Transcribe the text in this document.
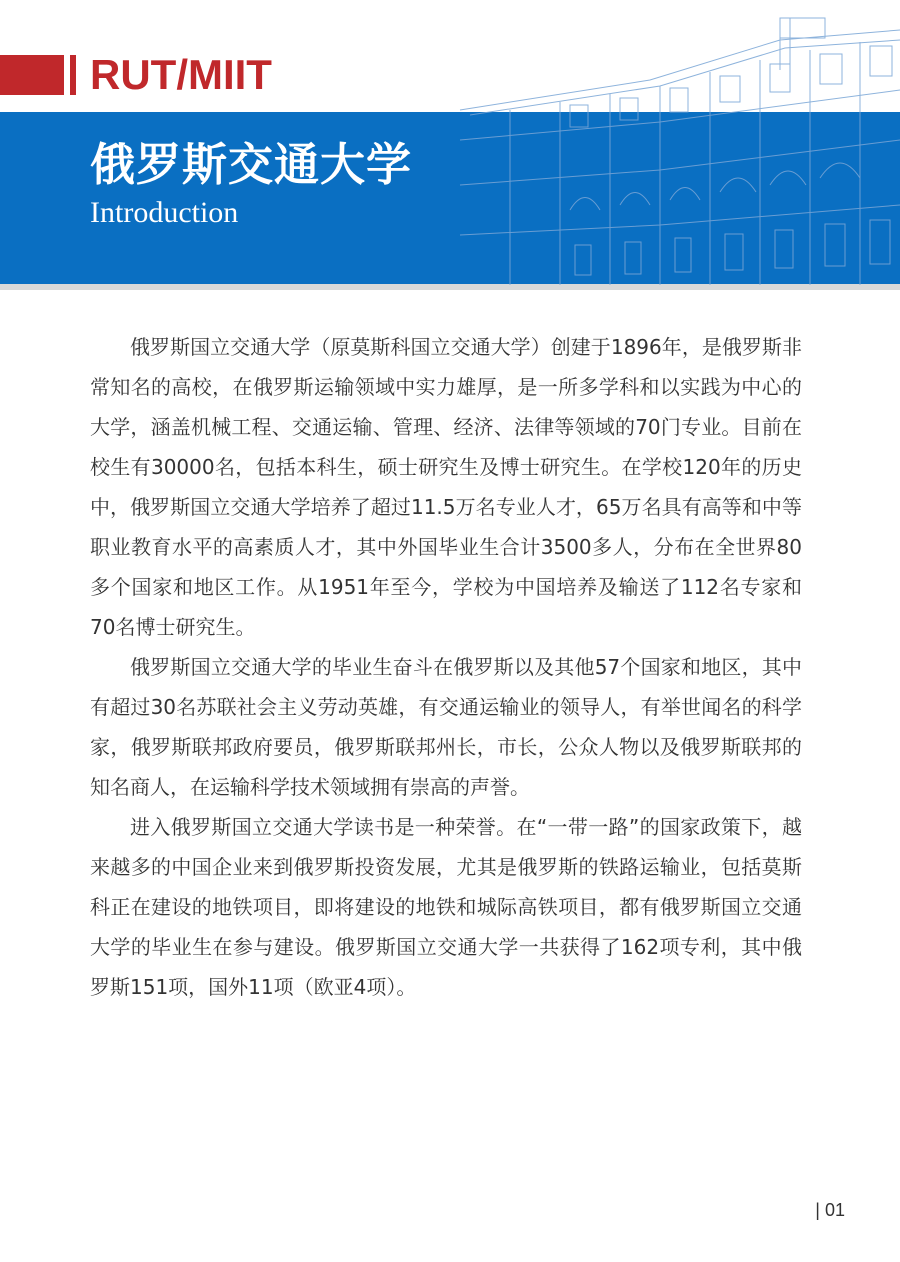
RUT/MIIT
俄罗斯交通大学
Introduction

俄罗斯国立交通大学（原莫斯科国立交通大学）创建于1896年，是俄罗斯非常知名的高校，在俄罗斯运输领域中实力雄厚，是一所多学科和以实践为中心的大学，涵盖机械工程、交通运输、管理、经济、法律等领域的70门专业。目前在校生有30000名，包括本科生，硕士研究生及博士研究生。在学校120年的历史中，俄罗斯国立交通大学培养了超过11.5万名专业人才，65万名具有高等和中等职业教育水平的高素质人才，其中外国毕业生合计3500多人，分布在全世界80多个国家和地区工作。从1951年至今，学校为中国培养及输送了112名专家和70名博士研究生。

俄罗斯国立交通大学的毕业生奋斗在俄罗斯以及其他57个国家和地区，其中有超过30名苏联社会主义劳动英雄，有交通运输业的领导人，有举世闻名的科学家，俄罗斯联邦政府要员，俄罗斯联邦州长，市长，公众人物以及俄罗斯联邦的知名商人，在运输科学技术领域拥有崇高的声誉。

进入俄罗斯国立交通大学读书是一种荣誉。在“一带一路”的国家政策下，越来越多的中国企业来到俄罗斯投资发展，尤其是俄罗斯的铁路运输业，包括莫斯科正在建设的地铁项目，即将建设的地铁和城际高铁项目，都有俄罗斯国立交通大学的毕业生在参与建设。俄罗斯国立交通大学一共获得了162项专利，其中俄罗斯151项，国外11项（欧亚4项）。

| 01
